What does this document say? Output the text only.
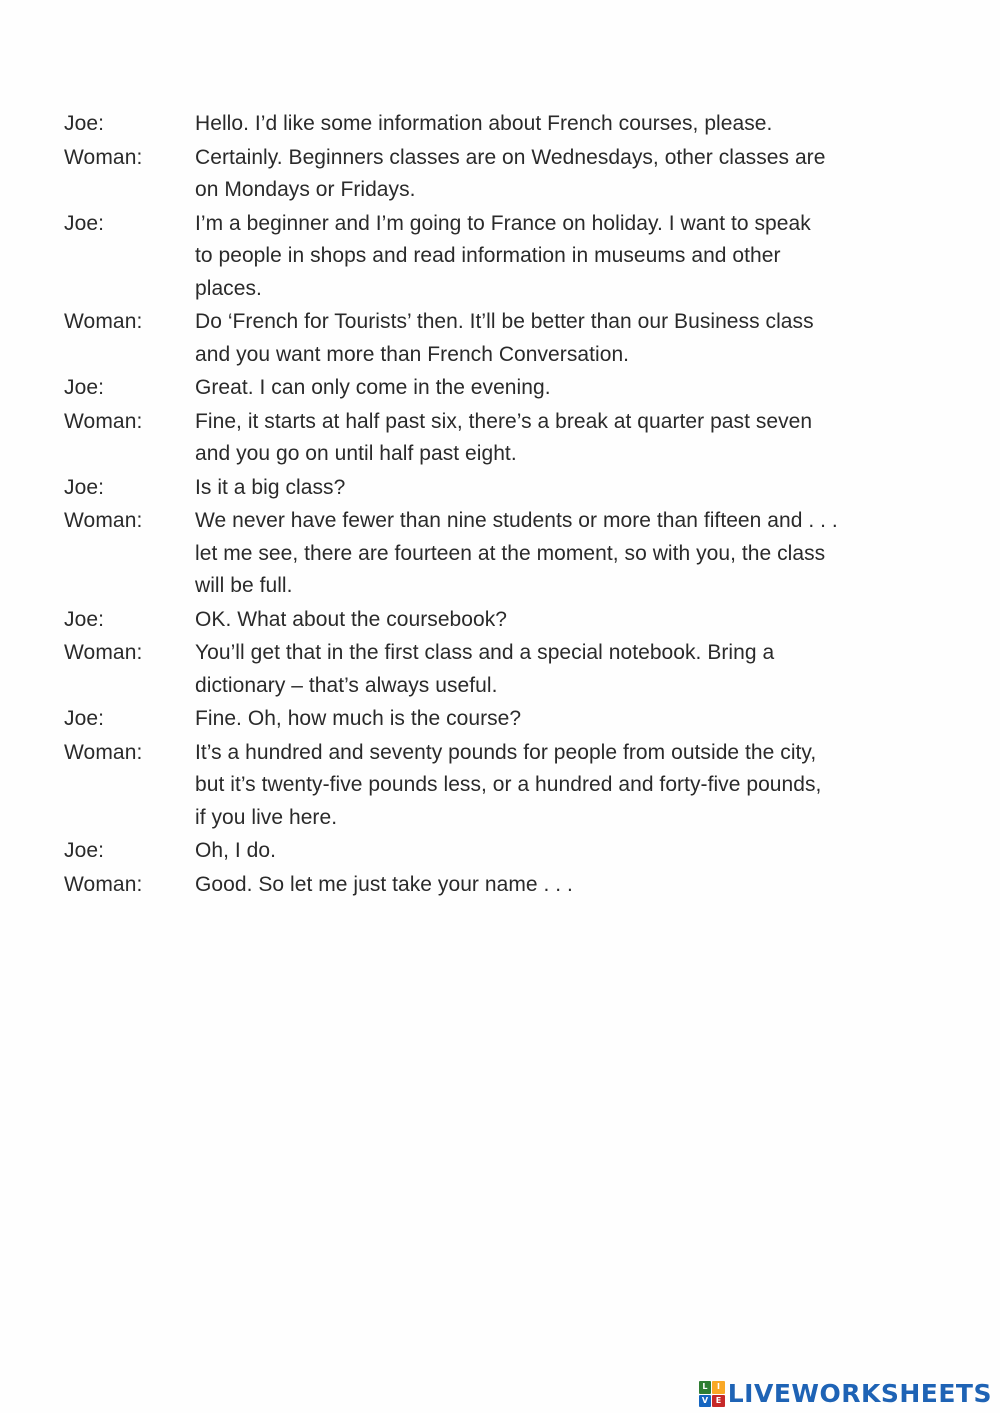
Joe:	Hello. I’d like some information about French courses, please.
Woman:	Certainly. Beginners classes are on Wednesdays, other classes are
on Mondays or Fridays.
Joe:	I’m a beginner and I’m going to France on holiday. I want to speak
to people in shops and read information in museums and other
places.
Woman:	Do ‘French for Tourists’ then. It’ll be better than our Business class
and you want more than French Conversation.
Joe:	Great. I can only come in the evening.
Woman:	Fine, it starts at half past six, there’s a break at quarter past seven
and you go on until half past eight.
Joe:	Is it a big class?
Woman:	We never have fewer than nine students or more than fifteen and . . .
let me see, there are fourteen at the moment, so with you, the class
will be full.
Joe:	OK. What about the coursebook?
Woman:	You’ll get that in the first class and a special notebook. Bring a
dictionary – that’s always useful.
Joe:	Fine. Oh, how much is the course?
Woman:	It’s a hundred and seventy pounds for people from outside the city,
but it’s twenty-five pounds less, or a hundred and forty-five pounds,
if you live here.
Joe:	Oh, I do.
Woman:	Good. So let me just take your name . . .
L	I
V E LIVEWORKSHEETS
